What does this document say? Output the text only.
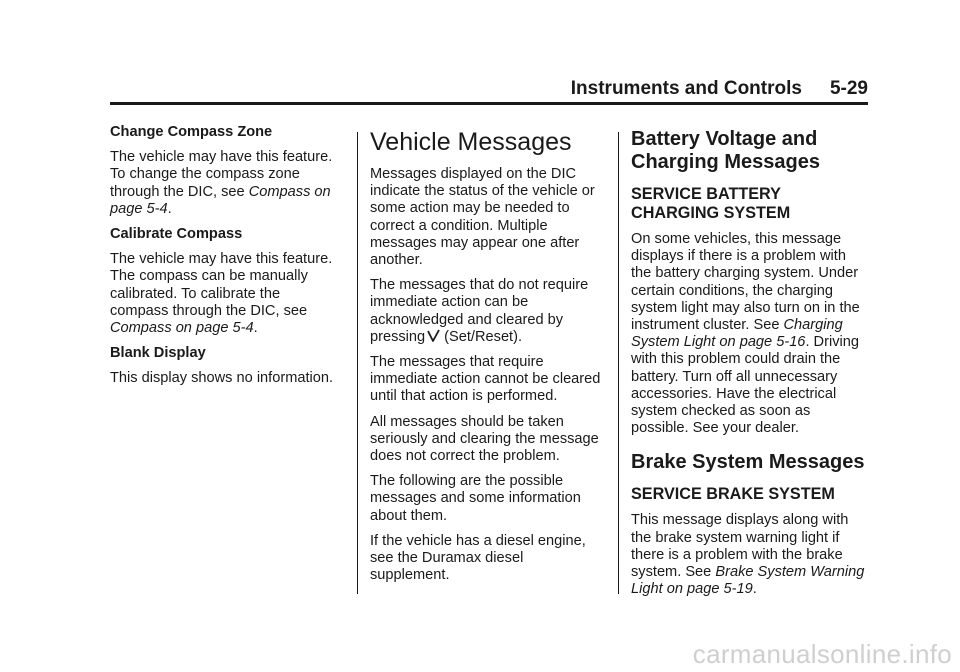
Instruments and Controls 5-29

Change Compass Zone

The vehicle may have this feature. To change the compass zone through the DIC, see Compass on page 5-4.

Calibrate Compass

The vehicle may have this feature. The compass can be manually calibrated. To calibrate the compass through the DIC, see Compass on page 5-4.

Blank Display

This display shows no information.

Vehicle Messages

Messages displayed on the DIC indicate the status of the vehicle or some action may be needed to correct a condition. Multiple messages may appear one after another.

The messages that do not require immediate action can be acknowledged and cleared by pressing (Set/Reset).

The messages that require immediate action cannot be cleared until that action is performed.

All messages should be taken seriously and clearing the message does not correct the problem.

The following are the possible messages and some information about them.

If the vehicle has a diesel engine, see the Duramax diesel supplement.

Battery Voltage and Charging Messages
SERVICE BATTERY CHARGING SYSTEM

On some vehicles, this message displays if there is a problem with the battery charging system. Under certain conditions, the charging system light may also turn on in the instrument cluster. See Charging System Light on page 5-16. Driving with this problem could drain the battery. Turn off all unnecessary accessories. Have the electrical system checked as soon as possible. See your dealer.

Brake System Messages
SERVICE BRAKE SYSTEM

This message displays along with the brake system warning light if there is a problem with the brake system. See Brake System Warning Light on page 5-19.

carmanualsonline.info
